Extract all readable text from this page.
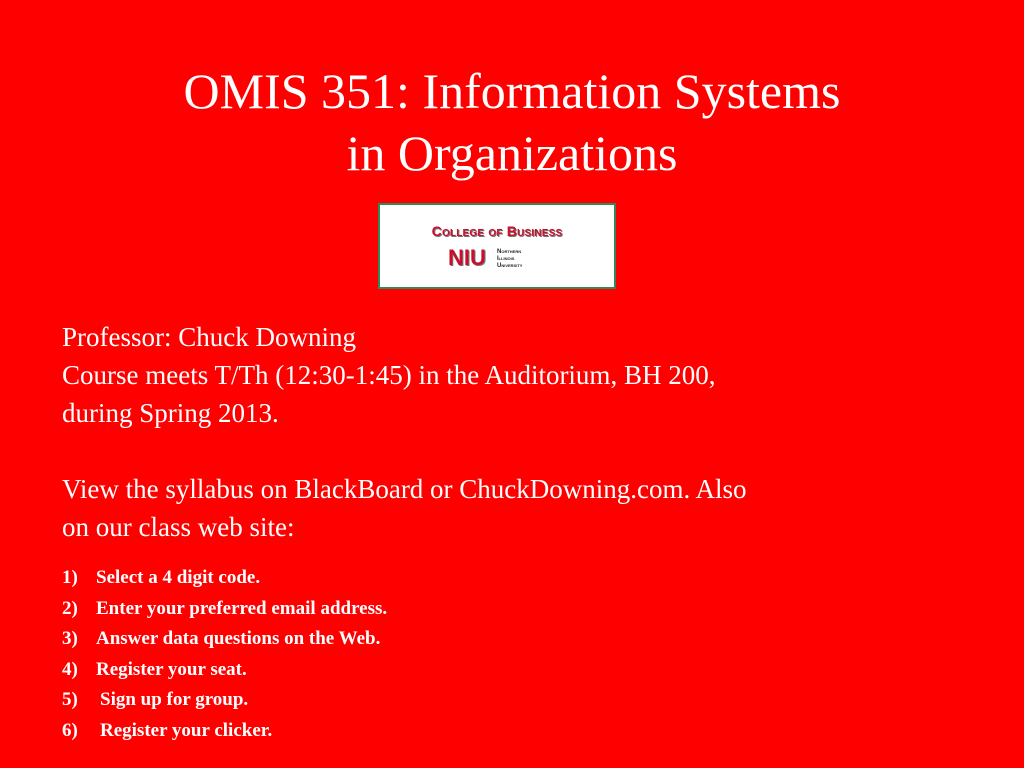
OMIS 351: Information Systems
in Organizations
College of Business
NIU Northern
Illinois
University

Professor: Chuck Downing

Course meets T/Th (12:30-1:45) in the Auditorium, BH 200,

during Spring 2013.

View the syllabus on BlackBoard or ChuckDowning.com. Also

on our class web site:

1) Select a 4 digit code.
2) Enter your preferred email address.
3) Answer data questions on the Web.
4) Register your seat.
5) Sign up for group.
6) Register your clicker.
